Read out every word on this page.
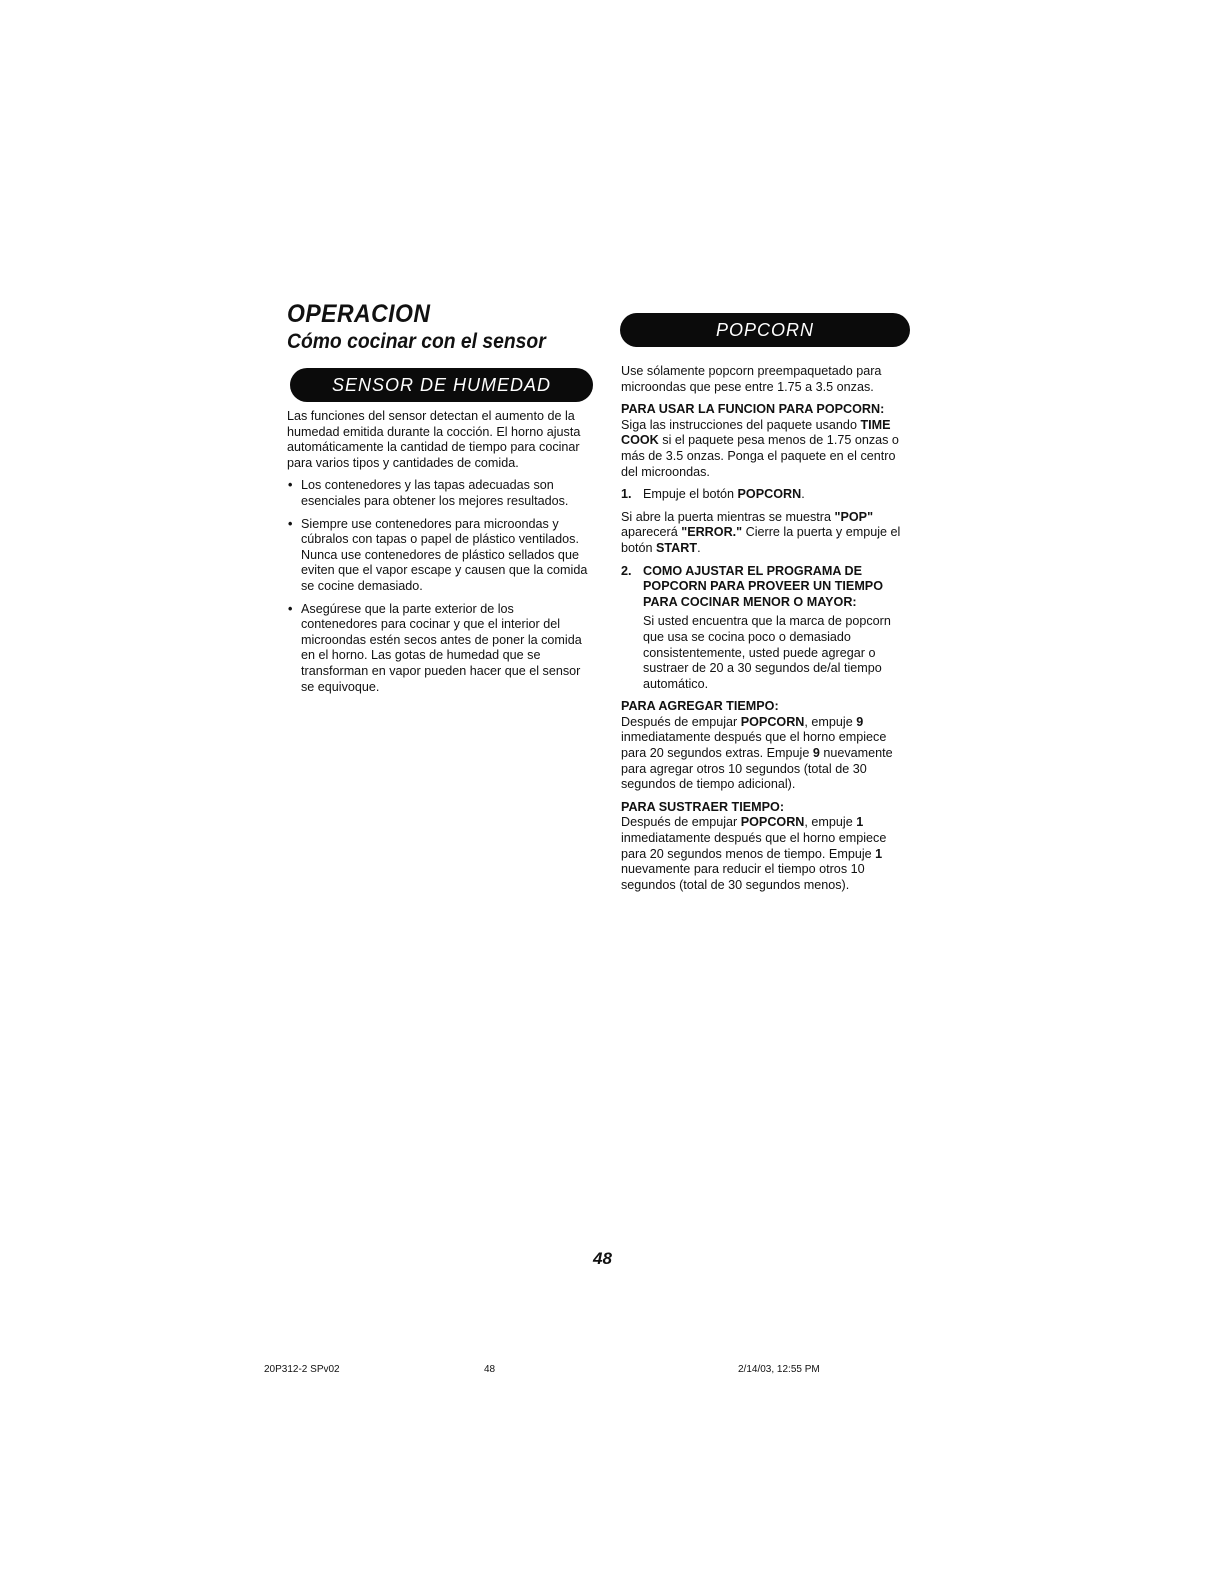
OPERACION
Cómo cocinar con el sensor
SENSOR DE HUMEDAD

Las funciones del sensor detectan el aumento de la humedad emitida durante la cocción. El horno ajusta automáticamente la cantidad de tiempo para cocinar para varios tipos y cantidades de comida.

• Los contenedores y las tapas adecuadas son esenciales para obtener los mejores resultados.
• Siempre use contenedores para microondas y cúbralos con tapas o papel de plástico ventilados. Nunca use contenedores de plástico sellados que eviten que el vapor escape y causen que la comida se cocine demasiado.
• Asegúrese que la parte exterior de los contenedores para cocinar y que el interior del microondas estén secos antes de poner la comida en el horno. Las gotas de humedad que se transforman en vapor pueden hacer que el sensor se equivoque.
POPCORN

Use sólamente popcorn preempaquetado para microondas que pese entre 1.75 a 3.5 onzas.

PARA USAR LA FUNCION PARA POPCORN:

Siga las instrucciones del paquete usando TIME COOK si el paquete pesa menos de 1.75 onzas o más de 3.5 onzas. Ponga el paquete en el centro del microondas.

1. Empuje el botón POPCORN.

Si abre la puerta mientras se muestra "POP" aparecerá "ERROR." Cierre la puerta y empuje el botón START.

2. COMO AJUSTAR EL PROGRAMA DE POPCORN PARA PROVEER UN TIEMPO PARA COCINAR MENOR O MAYOR:

Si usted encuentra que la marca de popcorn que usa se cocina poco o demasiado consistentemente, usted puede agregar o sustraer de 20 a 30 segundos de/al tiempo automático.

PARA AGREGAR TIEMPO:

Después de empujar POPCORN, empuje 9 inmediatamente después que el horno empiece para 20 segundos extras. Empuje 9 nuevamente para agregar otros 10 segundos (total de 30 segundos de tiempo adicional).

PARA SUSTRAER TIEMPO:

Después de empujar POPCORN, empuje 1 inmediatamente después que el horno empiece para 20 segundos menos de tiempo. Empuje 1 nuevamente para reducir el tiempo otros 10 segundos (total de 30 segundos menos).

48
20P312-2 SPv02	48	2/14/03, 12:55 PM
